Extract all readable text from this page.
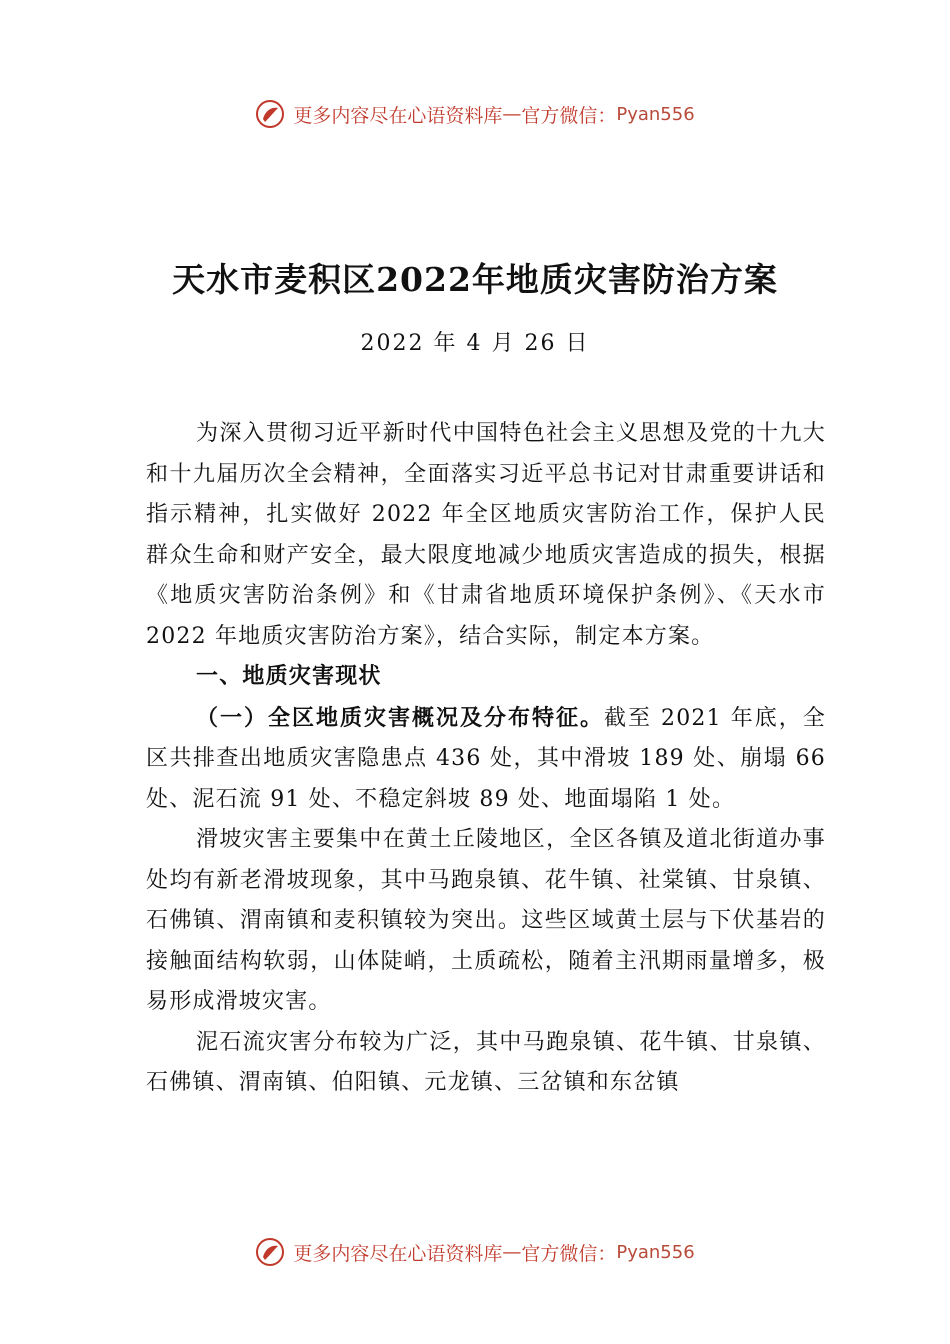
更多内容尽在心语资料库 — 官方微信： Pyan556
天水市麦积区2022年地质灾害防治方案
2022 年 4 月 26 日

为深入贯彻习近平新时代中国特色社会主义思想及党的十九大和十九届历次全会精神，全面落实习近平总书记对甘肃重要讲话和指示精神，扎实做好 2022 年全区地质灾害防治工作，保护人民群众生命和财产安全，最大限度地减少地质灾害造成的损失，根据《地质灾害防治条例》和《甘肃省地质环境保护条例》、《天水市 2022 年地质灾害防治方案》，结合实际，制定本方案。

一、地质灾害现状

（一）全区地质灾害概况及分布特征。截至 2021 年底，全区共排查出地质灾害隐患点 436 处，其中滑坡 189 处、崩塌 66 处、泥石流 91 处、不稳定斜坡 89 处、地面塌陷 1 处。

滑坡灾害主要集中在黄土丘陵地区，全区各镇及道北街道办事处均有新老滑坡现象，其中马跑泉镇、花牛镇、社棠镇、甘泉镇、石佛镇、渭南镇和麦积镇较为突出。这些区域黄土层与下伏基岩的接触面结构软弱，山体陡峭，土质疏松，随着主汛期雨量增多，极易形成滑坡灾害。

泥石流灾害分布较为广泛，其中马跑泉镇、花牛镇、甘泉镇、石佛镇、渭南镇、伯阳镇、元龙镇、三岔镇和东岔镇

更多内容尽在心语资料库 — 官方微信： Pyan556
